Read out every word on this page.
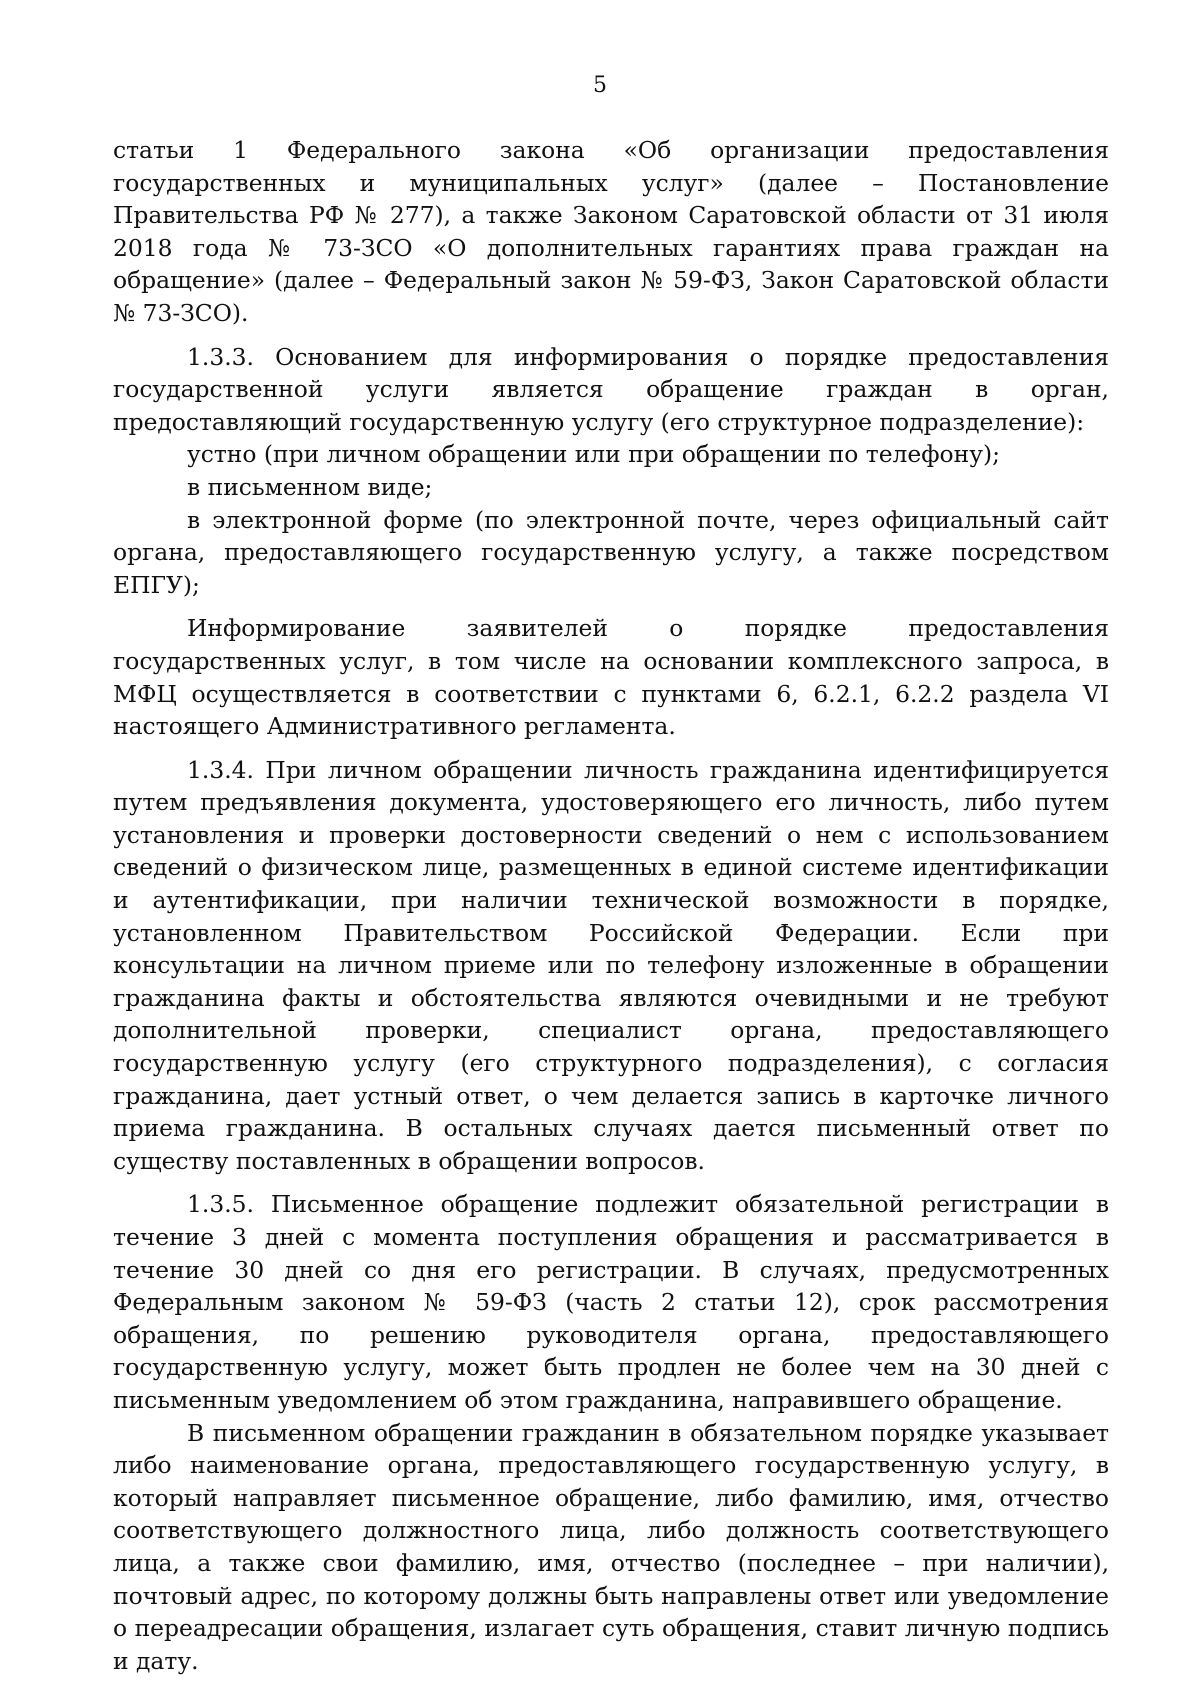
5

статьи 1 Федерального закона «Об организации предоставления государственных и муниципальных услуг» (далее – Постановление Правительства РФ № 277), а также Законом Саратовской области от 31 июля 2018 года № 73-ЗСО «О дополнительных гарантиях права граждан на обращение» (далее – Федеральный закон № 59-ФЗ, Закон Саратовской области № 73-ЗСО).

1.3.3. Основанием для информирования о порядке предоставления государственной услуги является обращение граждан в орган, предоставляющий государственную услугу (его структурное подразделение):

устно (при личном обращении или при обращении по телефону);

в письменном виде;

в электронной форме (по электронной почте, через официальный сайт органа, предоставляющего государственную услугу, а также посредством ЕПГУ);

Информирование заявителей о порядке предоставления государственных услуг, в том числе на основании комплексного запроса, в МФЦ осуществляется в соответствии с пунктами 6, 6.2.1, 6.2.2 раздела VI настоящего Административного регламента.

1.3.4. При личном обращении личность гражданина идентифицируется путем предъявления документа, удостоверяющего его личность, либо путем установления и проверки достоверности сведений о нем с использованием сведений о физическом лице, размещенных в единой системе идентификации и аутентификации, при наличии технической возможности в порядке, установленном Правительством Российской Федерации. Если при консультации на личном приеме или по телефону изложенные в обращении гражданина факты и обстоятельства являются очевидными и не требуют дополнительной проверки, специалист органа, предоставляющего государственную услугу (его структурного подразделения), с согласия гражданина, дает устный ответ, о чем делается запись в карточке личного приема гражданина. В остальных случаях дается письменный ответ по существу поставленных в обращении вопросов.

1.3.5. Письменное обращение подлежит обязательной регистрации в течение 3 дней с момента поступления обращения и рассматривается в течение 30 дней со дня его регистрации. В случаях, предусмотренных Федеральным законом № 59-ФЗ (часть 2 статьи 12), срок рассмотрения обращения, по решению руководителя органа, предоставляющего государственную услугу, может быть продлен не более чем на 30 дней с письменным уведомлением об этом гражданина, направившего обращение.

В письменном обращении гражданин в обязательном порядке указывает либо наименование органа, предоставляющего государственную услугу, в который направляет письменное обращение, либо фамилию, имя, отчество соответствующего должностного лица, либо должность соответствующего лица, а также свои фамилию, имя, отчество (последнее – при наличии), почтовый адрес, по которому должны быть направлены ответ или уведомление о переадресации обращения, излагает суть обращения, ставит личную подпись и дату.
